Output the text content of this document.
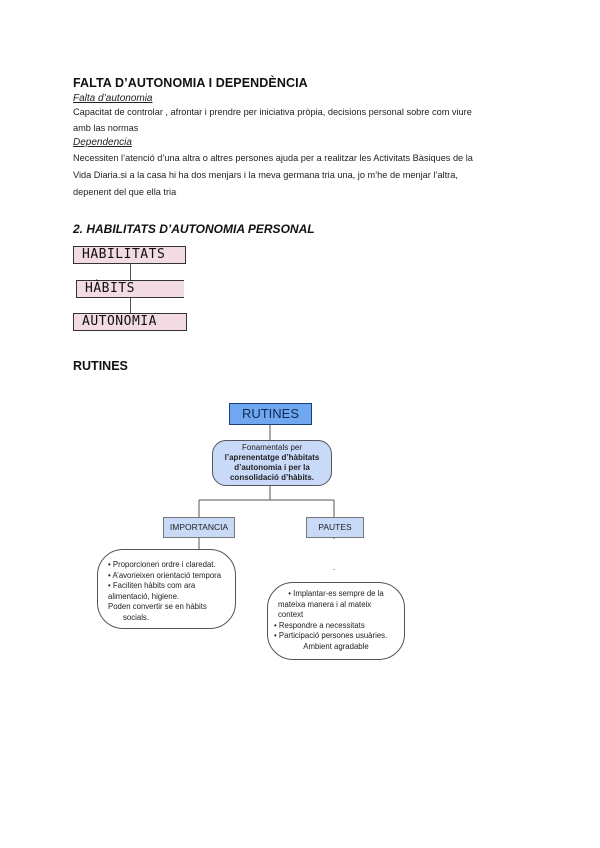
FALTA D’AUTONOMIA I DEPENDÈNCIA
Falta d’autonomia
Capacitat de controlar , afrontar i prendre per iniciativa pròpia, decisions personal sobre com viure
amb las normas
Dependencia
Necessiten l’atenció d’una altra o altres persones ajuda per a realitzar les Activitats Bàsiques de la
Vida Diaria.si a la casa hi ha dos menjars i la meva germana tria una, jo m’he de menjar l’altra,
depenent del que ella tria
2. HABILITATS D’AUTONOMIA PERSONAL
HABILITATS
HÀBITS
AUTONOMIA
RUTINES
RUTINES
Fonamentals per
l’aprenentatge d’hàbitats
d’autonomia i per la
consolidació d’hàbits.
IMPORTANCIA	PAUTES
• Proporcionen ordre i claredat.
• A’avorieixen orientació tempora
• Faciliten hàbits com ara
alimentació, higiene.
Poden convertir se en hàbits
socials.
• Implantar-es sempre de la
mateixa manera i al mateix
context
• Respondre a necessitats
• Participació persones usuàries.
Ambient agradable
